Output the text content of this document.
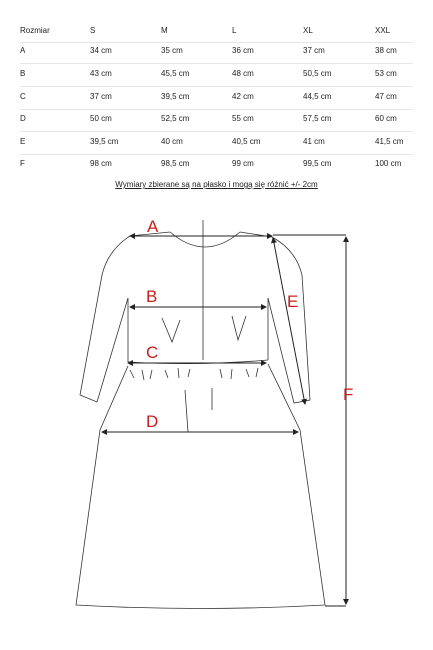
Rozmiar	S	M	L	XL	XXL
A	34 cm	35 cm	36 cm	37 cm	38 cm
B	43 cm	45,5 cm	48 cm	50,5 cm	53 cm
C	37 cm	39,5 cm	42 cm	44,5 cm	47 cm
D	50 cm	52,5 cm	55 cm	57,5 cm	60 cm
E	39,5 cm	40 cm	40,5 cm	41 cm	41,5 cm
F	98 cm	98,5 cm	99 cm	99,5 cm	100 cm
Wymiary zbierane są na płasko i mogą się różnić +/- 2cm
A
B
C
D
E
F
